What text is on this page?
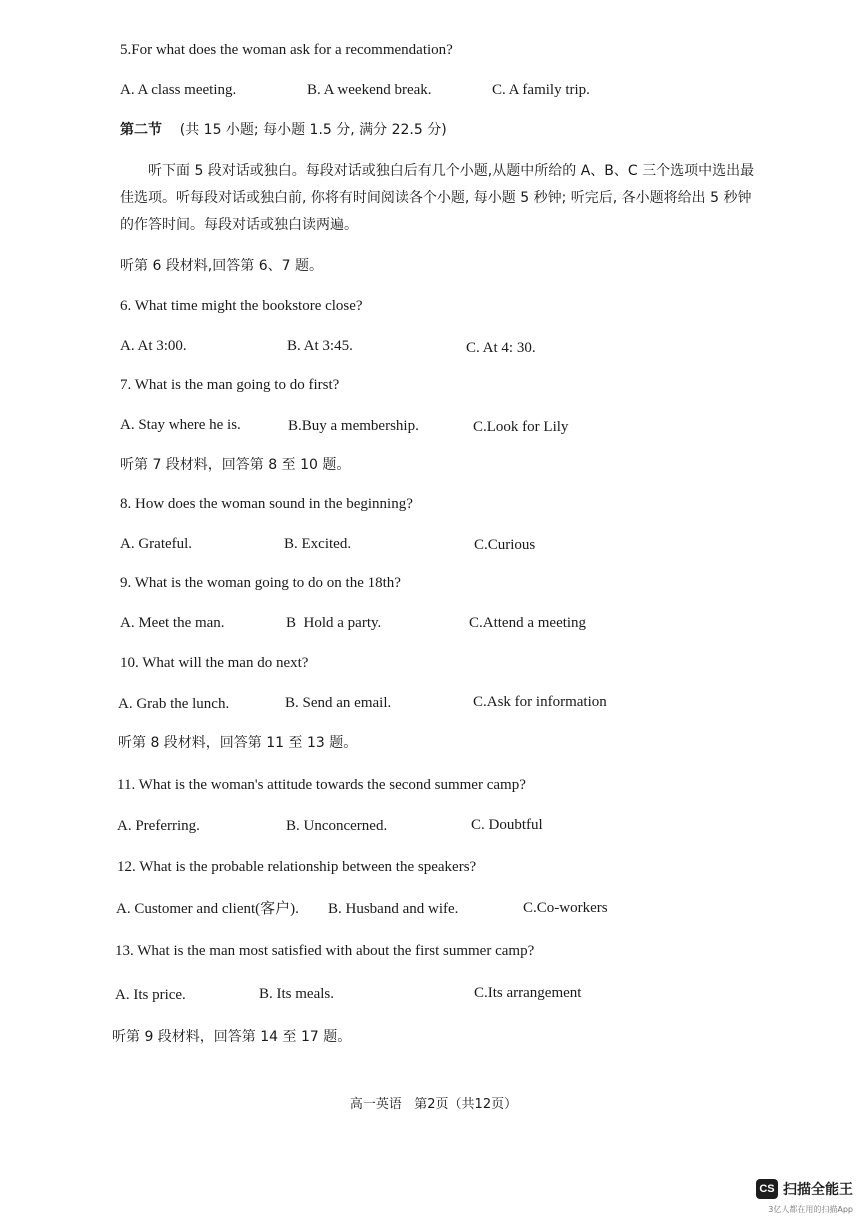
5.For what does the woman ask for a recommendation?
A. A class meeting.	B. A weekend break.	C. A family trip.
第二节 (共 15 小题; 每小题 1.5 分, 满分 22.5 分)
听下面 5 段对话或独白。每段对话或独白后有几个小题,从题中所给的 A、B、C 三个选项中选出最佳选项。听每段对话或独白前, 你将有时间阅读各个小题, 每小题 5 秒钟; 听完后, 各小题将给出 5 秒钟的作答时间。每段对话或独白读两遍。
听第 6 段材料,回答第 6、7 题。
6. What time might the bookstore close?
A. At 3:00.	B. At 3:45.	C. At 4: 30.
7. What is the man going to do first?
A. Stay where he is.	B.Buy a membership.	C.Look for Lily
听第 7 段材料，回答第 8 至 10 题。
8. How does the woman sound in the beginning?
A. Grateful.	B. Excited.	C.Curious
9. What is the woman going to do on the 18th?
A. Meet the man.	B  Hold a party.	C.Attend a meeting
10. What will the man do next?
A. Grab the lunch.	B. Send an email.	C.Ask for information
听第 8 段材料，回答第 11 至 13 题。
11. What is the woman's attitude towards the second summer camp?
A. Preferring.	B. Unconcerned.	C. Doubtful
12. What is the probable relationship between the speakers?
A. Customer and client(客户). B. Husband and wife.	C.Co-workers
13. What is the man most satisfied with about the first summer camp?
A. Its price.	B. Its meals.	C.Its arrangement
听第 9 段材料，回答第 14 至 17 题。
高一英语   第2页（共12页）
CS 扫描全能王
3亿人都在用的扫描App
